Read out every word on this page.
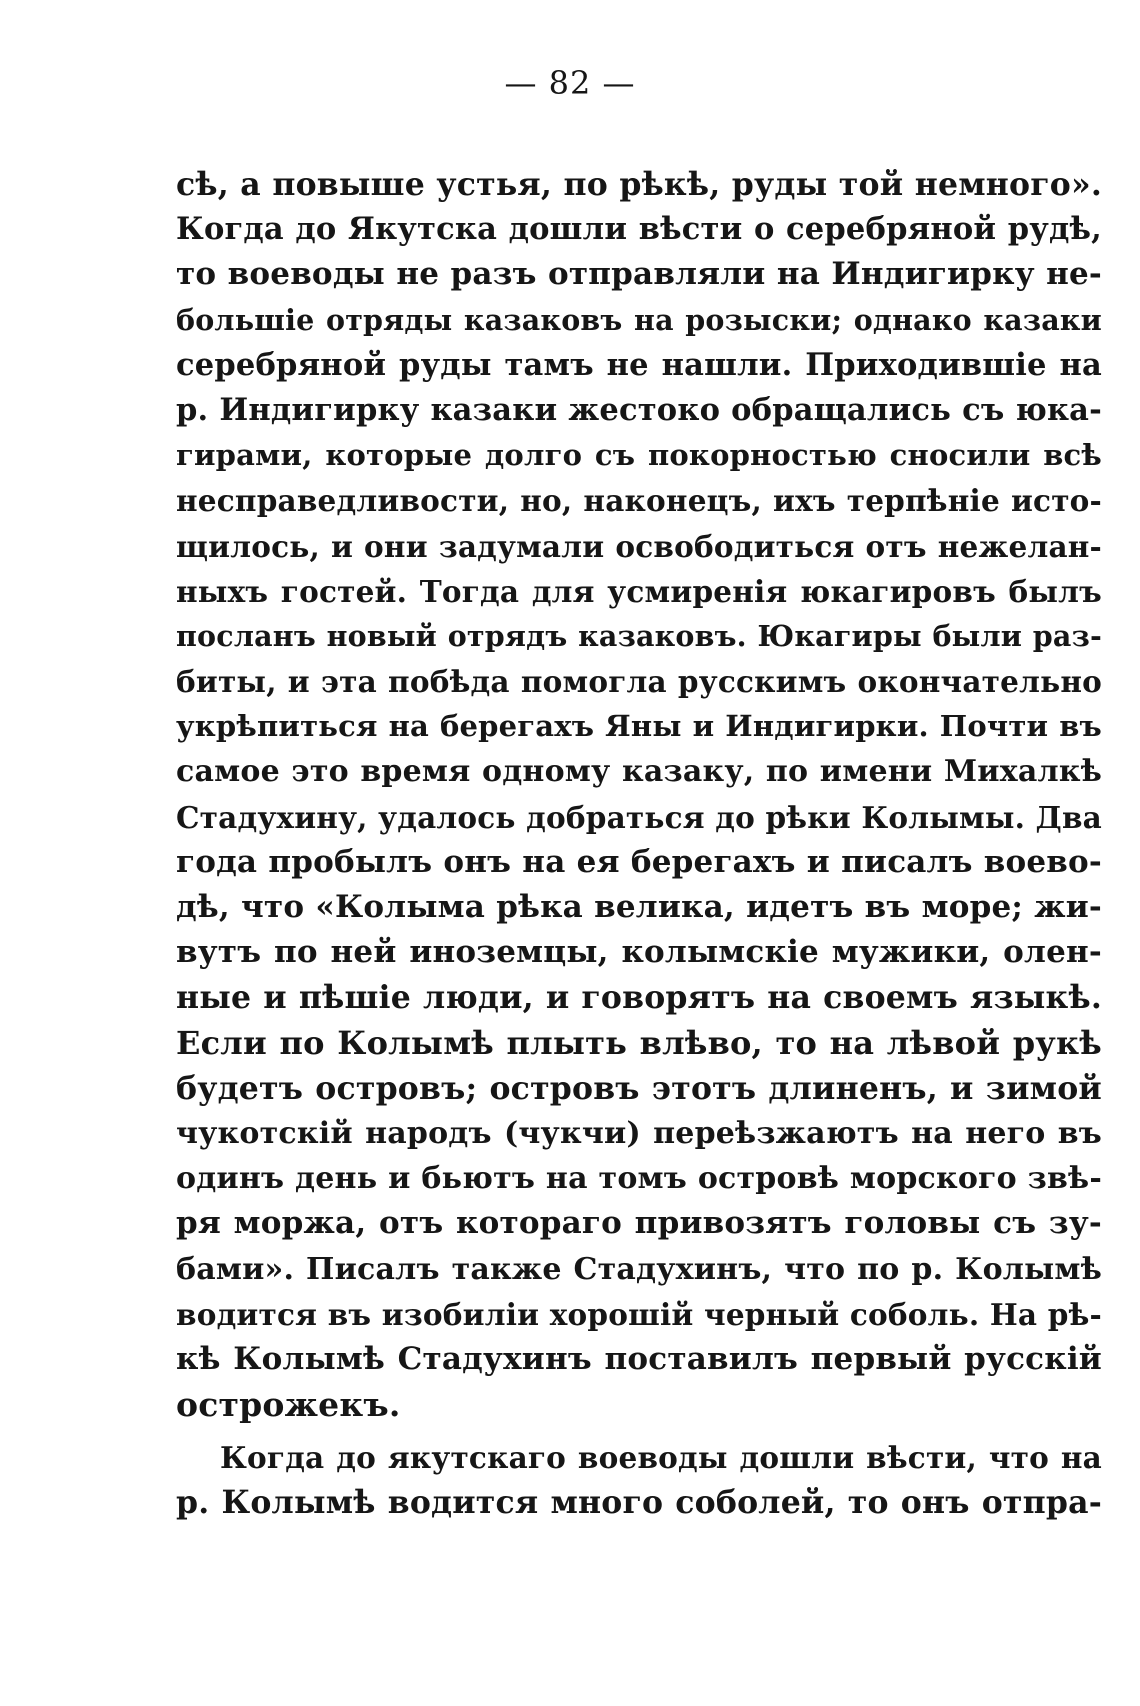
— 82 —
сѣ, а повыше устья, по рѣкѣ, руды той немного».
Когда до Якутска дошли вѣсти о серебряной рудѣ,
то воеводы не разъ отправляли на Индигирку не-
большіе отряды казаковъ на розыски; однако казаки
серебряной руды тамъ не нашли. Приходившіе на
р. Индигирку казаки жестоко обращались съ юка-
гирами, которые долго съ покорностью сносили всѣ
несправедливости, но, наконецъ, ихъ терпѣніе исто-
щилось, и они задумали освободиться отъ нежелан-
ныхъ гостей. Тогда для усмиренія юкагировъ былъ
посланъ новый отрядъ казаковъ. Юкагиры были раз-
биты, и эта побѣда помогла русскимъ окончательно
укрѣпиться на берегахъ Яны и Индигирки. Почти въ
самое это время одному казаку, по имени Михалкѣ
Стадухину, удалось добраться до рѣки Колымы. Два
года пробылъ онъ на ея берегахъ и писалъ воево-
дѣ, что «Колыма рѣка велика, идетъ въ море; жи-
вутъ по ней иноземцы, колымскіе мужики, олен-
ные и пѣшіе люди, и говорятъ на своемъ языкѣ.
Если по Колымѣ плыть влѣво, то на лѣвой рукѣ
будетъ островъ; островъ этотъ длиненъ, и зимой
чукотскій народъ (чукчи) переѣзжаютъ на него въ
одинъ день и бьютъ на томъ островѣ морского звѣ-
ря моржа, отъ котораго привозятъ головы съ зу-
бами». Писалъ также Стадухинъ, что по р. Колымѣ
водится въ изобиліи хорошій черный соболь. На рѣ-
кѣ Колымѣ Стадухинъ поставилъ первый русскій
острожекъ.
Когда до якутскаго воеводы дошли вѣсти, что на
р. Колымѣ водится много соболей, то онъ отпра-
